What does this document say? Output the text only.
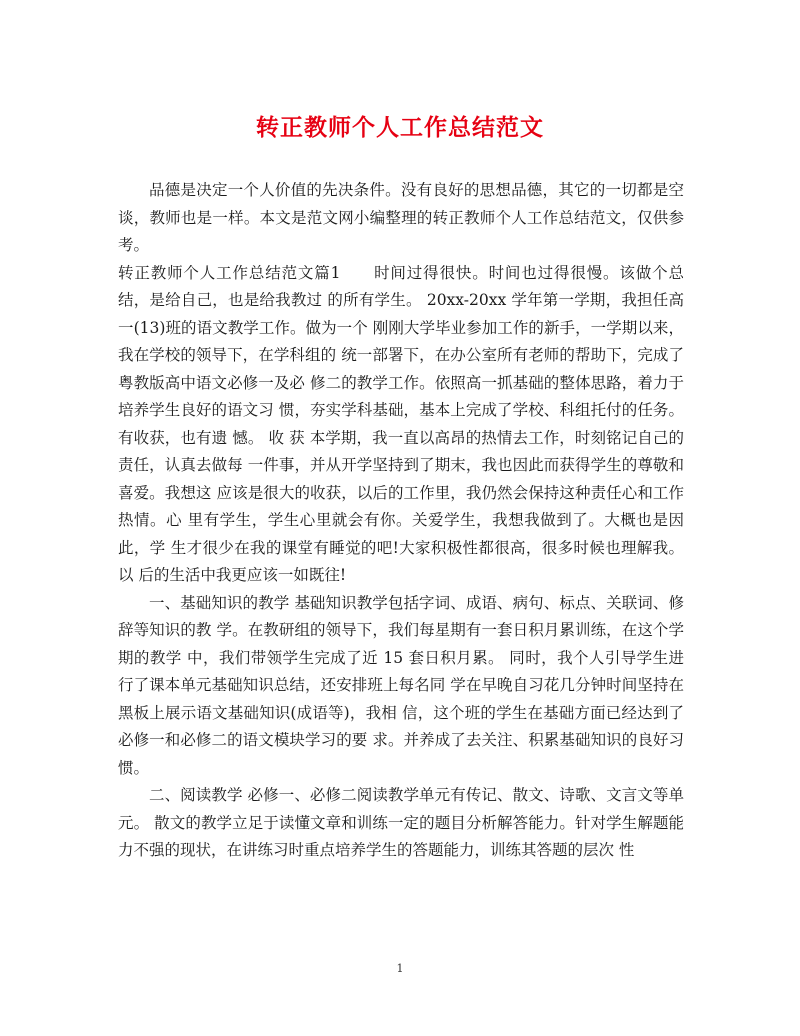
转正教师个人工作总结范文

品德是决定一个人价值的先决条件。没有良好的思想品德，其它的一切都是空谈，教师也是一样。本文是范文网小编整理的转正教师个人工作总结范文，仅供参考。

转正教师个人工作总结范文篇1　　时间过得很快。时间也过得很慢。该做个总结，是给自己，也是给我教过 的所有学生。 20xx-20xx 学年第一学期，我担任高一(13)班的语文教学工作。做为一个 刚刚大学毕业参加工作的新手，一学期以来，我在学校的领导下，在学科组的 统一部署下，在办公室所有老师的帮助下，完成了粤教版高中语文必修一及必 修二的教学工作。依照高一抓基础的整体思路，着力于培养学生良好的语文习 惯，夯实学科基础，基本上完成了学校、科组托付的任务。有收获，也有遗 憾。 收 获 本学期，我一直以高昂的热情去工作，时刻铭记自己的责任，认真去做每 一件事，并从开学坚持到了期末，我也因此而获得学生的尊敬和喜爱。我想这 应该是很大的收获，以后的工作里，我仍然会保持这种责任心和工作热情。心 里有学生，学生心里就会有你。关爱学生，我想我做到了。大概也是因此，学 生才很少在我的课堂有睡觉的吧!大家积极性都很高，很多时候也理解我。以 后的生活中我更应该一如既往!

一、基础知识的教学 基础知识教学包括字词、成语、病句、标点、关联词、修辞等知识的教 学。在教研组的领导下，我们每星期有一套日积月累训练，在这个学期的教学 中，我们带领学生完成了近 15 套日积月累。 同时，我个人引导学生进行了课本单元基础知识总结，还安排班上每名同 学在早晚自习花几分钟时间坚持在黑板上展示语文基础知识(成语等)，我相 信，这个班的学生在基础方面已经达到了必修一和必修二的语文模块学习的要 求。并养成了去关注、积累基础知识的良好习惯。

二、阅读教学 必修一、必修二阅读教学单元有传记、散文、诗歌、文言文等单元。 散文的教学立足于读懂文章和训练一定的题目分析解答能力。针对学生解题能力不强的现状，在讲练习时重点培养学生的答题能力，训练其答题的层次 性

1
